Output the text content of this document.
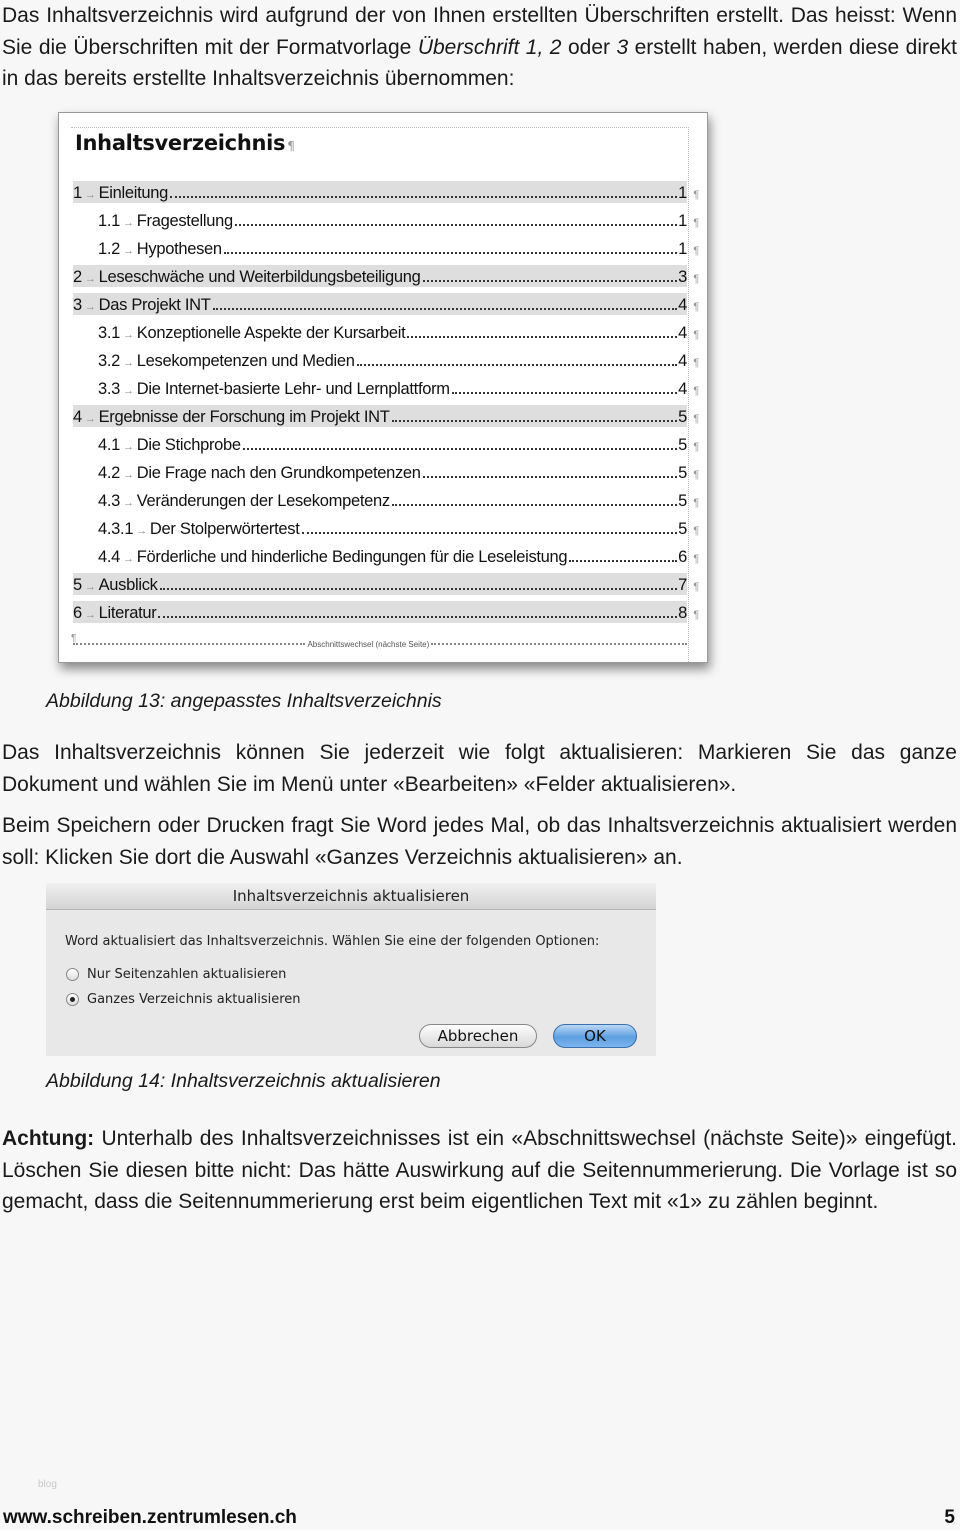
Das Inhaltsverzeichnis wird aufgrund der von Ihnen erstellten Überschriften erstellt. Das heisst: Wenn Sie die Überschriften mit der Formatvorlage Überschrift 1, 2 oder 3 erstellt haben, werden diese direkt in das bereits erstellte Inhaltsverzeichnis übernommen:

Inhaltsverzeichnis ¶
1 → Einleitung	1 ¶
1.1 → Fragestellung	1 ¶
1.2 → Hypothesen	1 ¶
2 → Leseschwäche und Weiterbildungsbeteiligung	3 ¶
3 → Das Projekt INT	4 ¶
3.1 → Konzeptionelle Aspekte der Kursarbeit	4 ¶
3.2 → Lesekompetenzen und Medien	4 ¶
3.3 → Die Internet-basierte Lehr- und Lernplattform	4 ¶
4 → Ergebnisse der Forschung im Projekt INT	5 ¶
4.1 → Die Stichprobe	5 ¶
4.2 → Die Frage nach den Grundkompetenzen	5 ¶
4.3 → Veränderungen der Lesekompetenz	5 ¶
4.3.1 → Der Stolperwörtertest	5 ¶
4.4 → Förderliche und hinderliche Bedingungen für die Leseleistung	6 ¶
5 → Ausblick	7 ¶
6 → Literatur	8 ¶
¶	Abschnittswechsel (nächste Seite)

Abbildung 13: angepasstes Inhaltsverzeichnis

Das Inhaltsverzeichnis können Sie jederzeit wie folgt aktualisieren: Markieren Sie das ganze Dokument und wählen Sie im Menü unter «Bearbeiten» «Felder aktualisieren».

Beim Speichern oder Drucken fragt Sie Word jedes Mal, ob das Inhaltsverzeichnis aktualisiert werden soll: Klicken Sie dort die Auswahl «Ganzes Verzeichnis aktualisieren» an.

Inhaltsverzeichnis aktualisieren
Word aktualisiert das Inhaltsverzeichnis. Wählen Sie eine der folgenden Optionen:
Nur Seitenzahlen aktualisieren
Ganzes Verzeichnis aktualisieren
Abbrechen	OK

Abbildung 14: Inhaltsverzeichnis aktualisieren

Achtung: Unterhalb des Inhaltsverzeichnisses ist ein «Abschnittswechsel (nächste Seite)» eingefügt. Löschen Sie diesen bitte nicht: Das hätte Auswirkung auf die Seitennummerierung. Die Vorlage ist so gemacht, dass die Seitennummerierung erst beim eigentlichen Text mit «1» zu zählen beginnt.

blog
www.schreiben.zentrumlesen.ch	5
